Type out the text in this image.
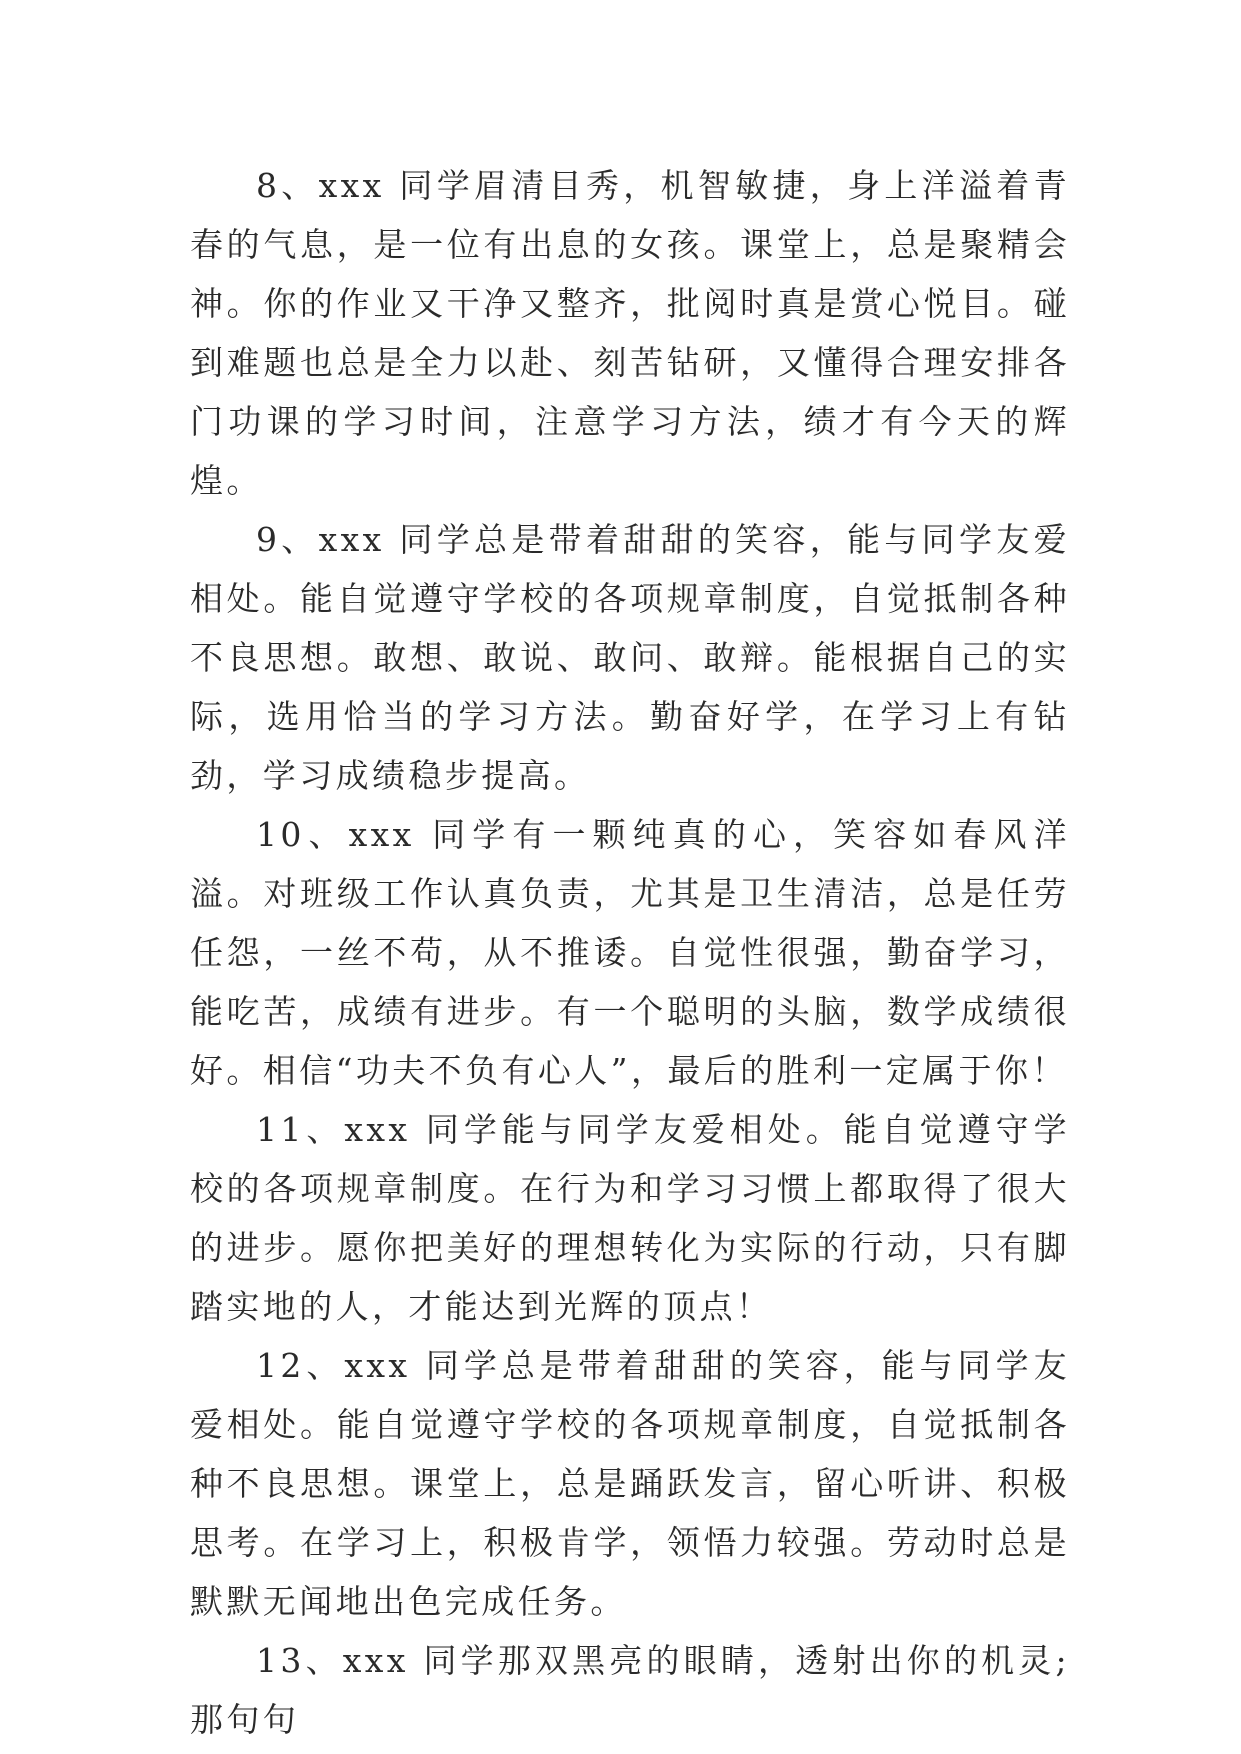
8、xxx 同学眉清目秀，机智敏捷，身上洋溢着青春的气息，是一位有出息的女孩。课堂上，总是聚精会神。你的作业又干净又整齐，批阅时真是赏心悦目。碰到难题也总是全力以赴、刻苦钻研，又懂得合理安排各门功课的学习时间，注意学习方法，绩才有今天的辉煌。

9、xxx 同学总是带着甜甜的笑容，能与同学友爱相处。能自觉遵守学校的各项规章制度，自觉抵制各种不良思想。敢想、敢说、敢问、敢辩。能根据自己的实际，选用恰当的学习方法。勤奋好学，在学习上有钻劲，学习成绩稳步提高。

10、xxx 同学有一颗纯真的心，笑容如春风洋溢。对班级工作认真负责，尤其是卫生清洁，总是任劳任怨，一丝不苟，从不推诿。自觉性很强，勤奋学习，能吃苦，成绩有进步。有一个聪明的头脑，数学成绩很好。相信“功夫不负有心人”，最后的胜利一定属于你！

11、xxx 同学能与同学友爱相处。能自觉遵守学校的各项规章制度。在行为和学习习惯上都取得了很大的进步。愿你把美好的理想转化为实际的行动，只有脚踏实地的人，才能达到光辉的顶点！

12、xxx 同学总是带着甜甜的笑容，能与同学友爱相处。能自觉遵守学校的各项规章制度，自觉抵制各种不良思想。课堂上，总是踊跃发言，留心听讲、积极思考。在学习上，积极肯学，领悟力较强。劳动时总是默默无闻地出色完成任务。

13、xxx 同学那双黑亮的眼睛，透射出你的机灵;那句句
